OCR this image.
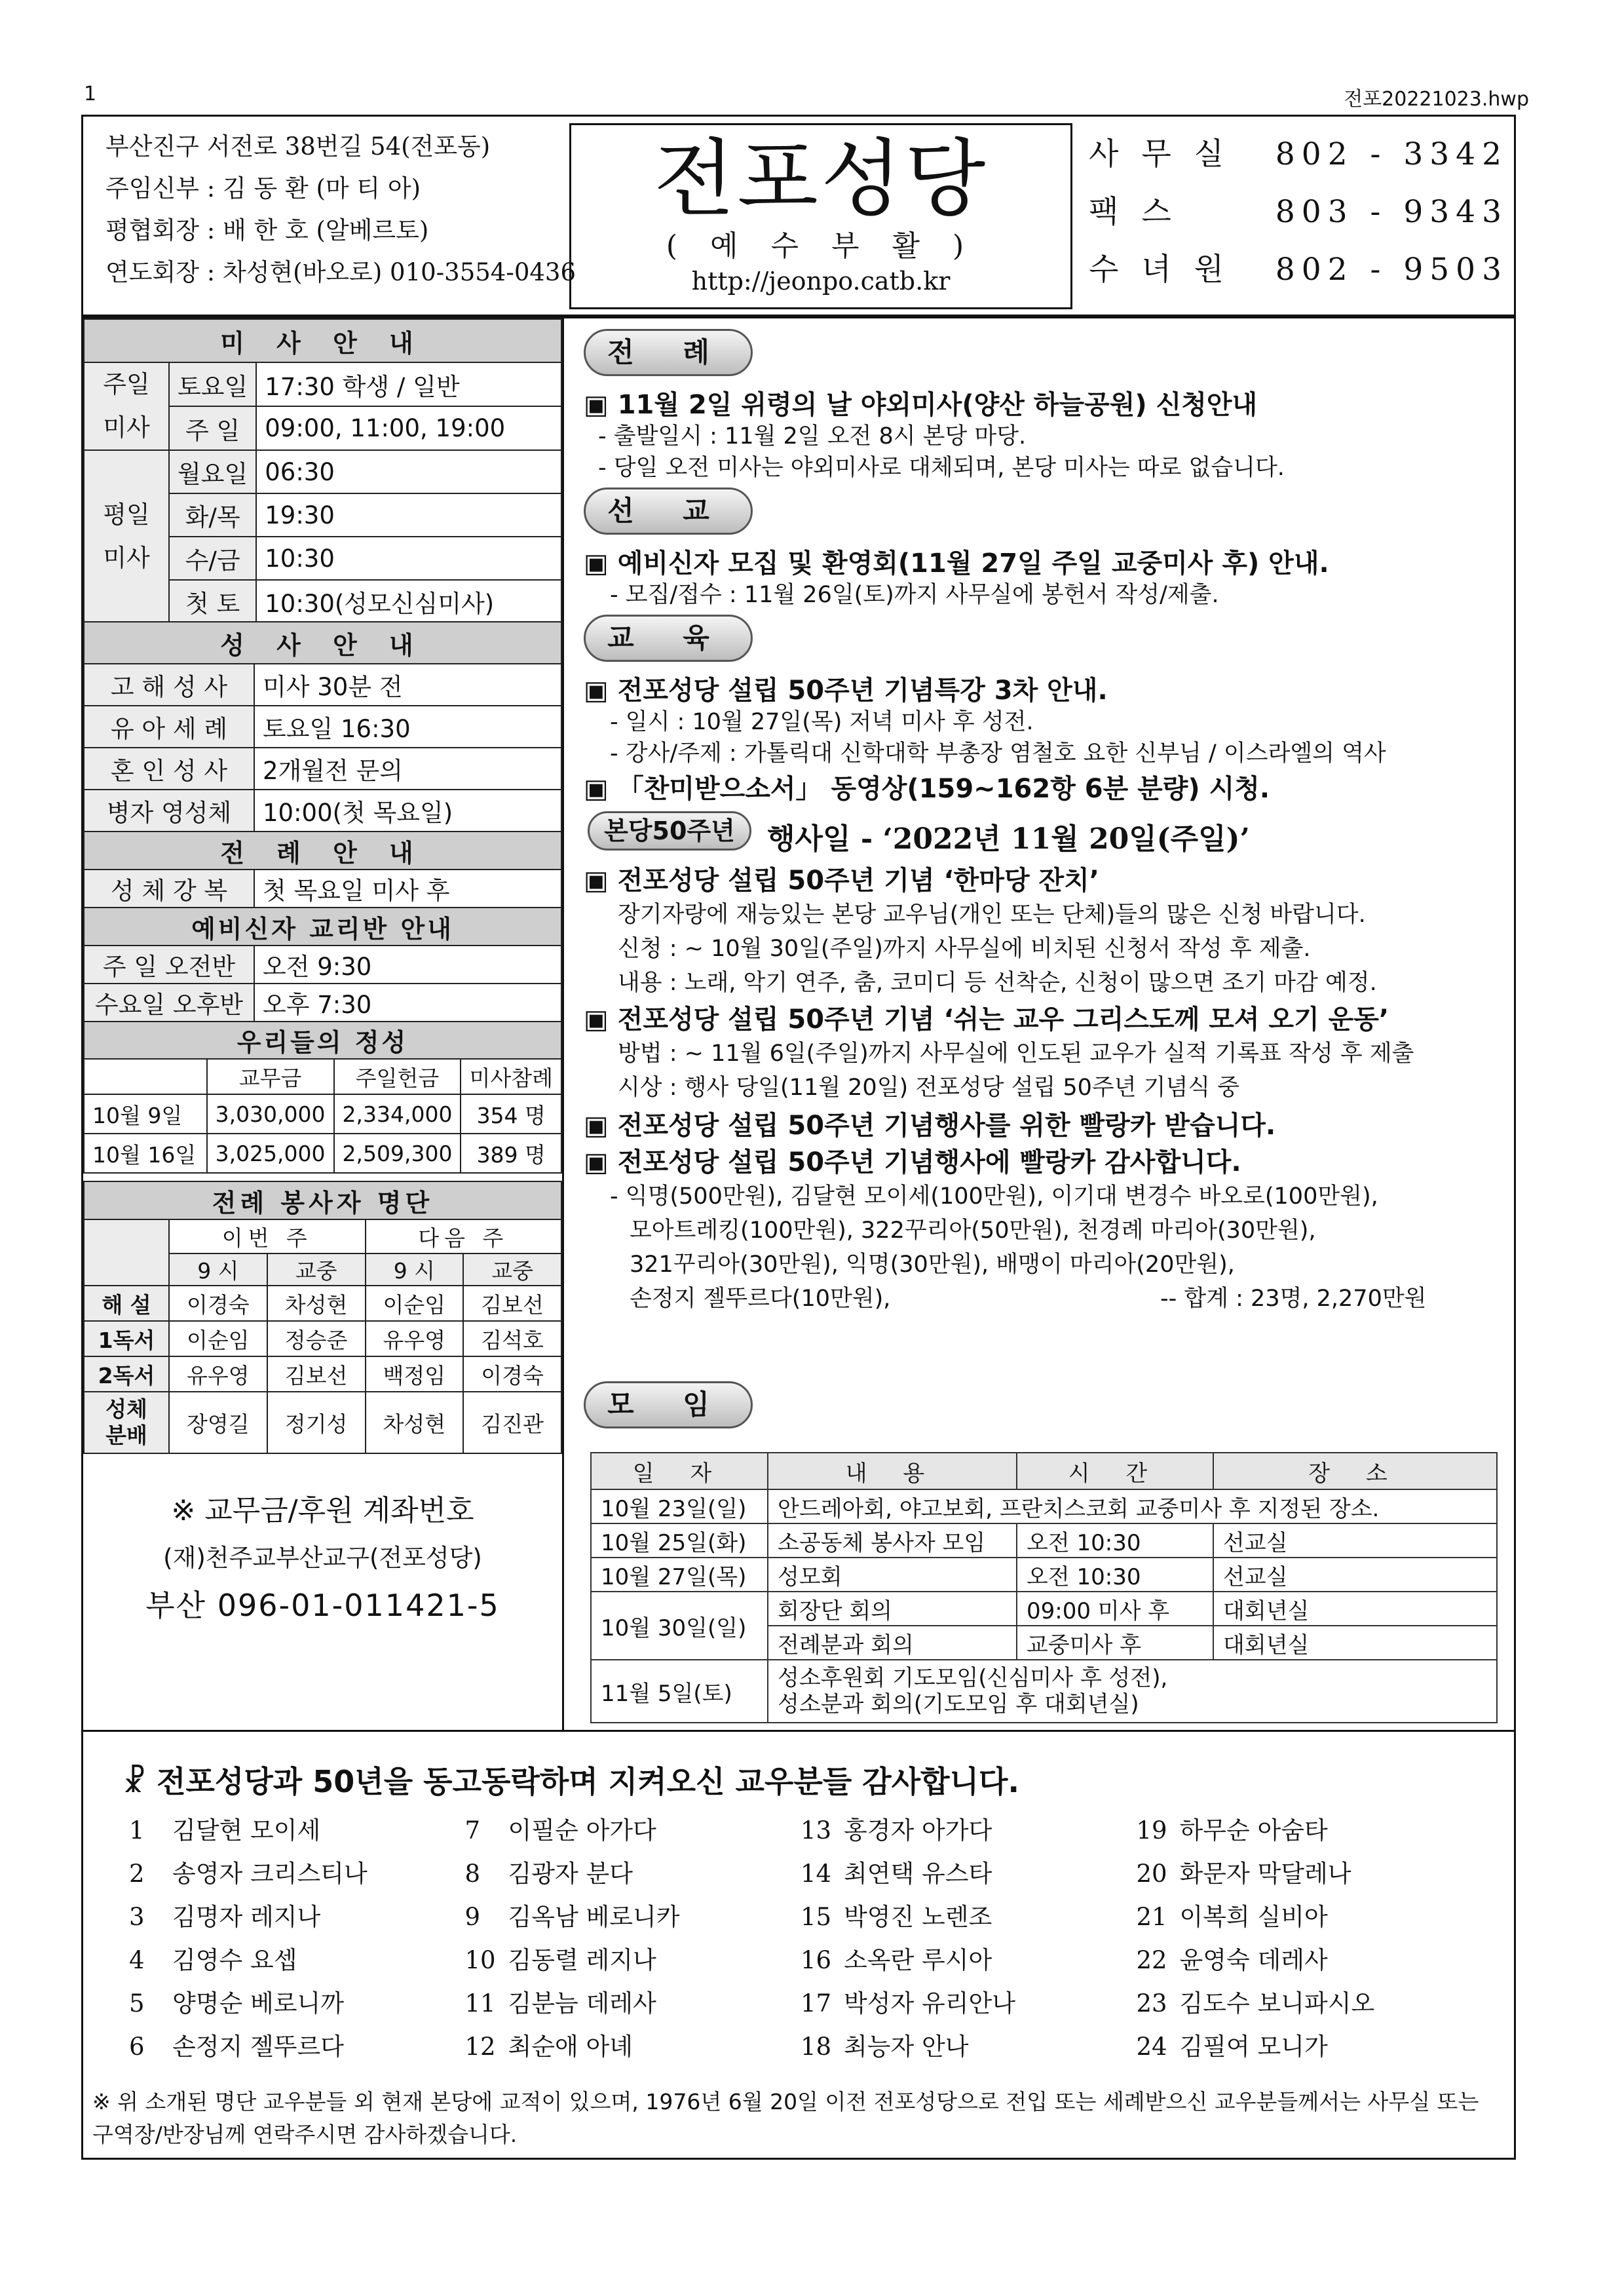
1	전포20221023.hwp
부산진구 서전로 38번길 54(전포동)
주임신부 : 김 동 환 (마 티 아)
평협회장 : 배 한 호 (알베르토)
연도회장 : 차성현(바오로) 010-3554-0436
전포성당
( 예 수 부 활 )
http://jeonpo.catb.kr
사 무 실 802 - 3342
팩 스	803 - 9343
수 녀 원 802 - 9503
미 사 안 내		
주일 미사	토요일	17:30 학생 / 일반
	주 일	09:00, 11:00, 19:00
평일 미사	월요일	06:30
	화/목	19:30
	수/금	10:30
	첫 토	10:30(성모신심미사)
성 사 안 내	
고 해 성 사	미사 30분 전
유 아 세 례	토요일 16:30
혼 인 성 사	2개월전 문의
병자 영성체	10:00(첫 목요일)
전 례 안 내
성 체 강 복	첫 목요일 미사 후
예비신자 교리반 안내	
주 일 오전반	오전 9:30
수요일 오후반	오후 7:30
우리들의 정성			
	교무금	주일헌금	미사참례
10월 9일	3,030,000	2,334,000	354 명
10월 16일	3,025,000	2,509,300	389 명
전례 봉사자 명단				
	이번 주		다음 주	
	9 시	교중	9 시	교중
해 설	이경숙	차성현	이순임	김보선
1독서	이순임	정승준	유우영	김석호
2독서	유우영	김보선	백정임	이경숙
성체 분배	장영길	정기성	차성현	김진관
※ 교무금/후원 계좌번호
(재)천주교부산교구(전포성당)
부산 096-01-011421-5
전 례
▣ 11월 2일 위령의 날 야외미사(양산 하늘공원) 신청안내
- 출발일시 : 11월 2일 오전 8시 본당 마당.
- 당일 오전 미사는 야외미사로 대체되며, 본당 미사는 따로 없습니다.
선 교
▣ 예비신자 모집 및 환영회(11월 27일 주일 교중미사 후) 안내.
- 모집/접수 : 11월 26일(토)까지 사무실에 봉헌서 작성/제출.
교 육
▣ 전포성당 설립 50주년 기념특강 3차 안내.
- 일시 : 10월 27일(목) 저녁 미사 후 성전.
- 강사/주제 : 가톨릭대 신학대학 부총장 염철호 요한 신부님 / 이스라엘의 역사
▣ 「찬미받으소서」 동영상(159~162항 6분 분량) 시청.
본당50주년	행사일 - ‘2022년 11월 20일(주일)’
▣ 전포성당 설립 50주년 기념 ‘한마당 잔치’
장기자랑에 재능있는 본당 교우님(개인 또는 단체)들의 많은 신청 바랍니다.
신청 : ~ 10월 30일(주일)까지 사무실에 비치된 신청서 작성 후 제출.
내용 : 노래, 악기 연주, 춤, 코미디 등 선착순, 신청이 많으면 조기 마감 예정.
▣ 전포성당 설립 50주년 기념 ‘쉬는 교우 그리스도께 모셔 오기 운동’
방법 : ~ 11월 6일(주일)까지 사무실에 인도된 교우가 실적 기록표 작성 후 제출
시상 : 행사 당일(11월 20일) 전포성당 설립 50주년 기념식 중
▣ 전포성당 설립 50주년 기념행사를 위한 빨랑카 받습니다.
▣ 전포성당 설립 50주년 기념행사에 빨랑카 감사합니다.
- 익명(500만원), 김달현 모이세(100만원), 이기대 변경수 바오로(100만원),
모아트레킹(100만원), 322꾸리아(50만원), 천경례 마리아(30만원),
321꾸리아(30만원), 익명(30만원), 배맹이 마리아(20만원),
손정지 젤뚜르다(10만원),	-- 합계 : 23명, 2,270만원
모 임
일 자	내 용	시 간	장 소
10월 23일(일)	안드레아회, 야고보회, 프란치스코회 교중미사 후 지정된 장소.		
10월 25일(화)	소공동체 봉사자 모임	오전 10:30	선교실
10월 27일(목)	성모회	오전 10:30	선교실
10월 30일(일)	회장단 회의	09:00 미사 후	대회년실
	전례분과 회의	교중미사 후	대회년실
11월 5일(토)	성소후원회 기도모임(신심미사 후 성전),
성소분과 회의(기도모임 후 대회년실)		
☧ 전포성당과 50년을 동고동락하며 지켜오신 교우분들 감사합니다.
1 김달현 모이세	7 이필순 아가다	13 홍경자 아가다	19 하무순 아숨타
2 송영자 크리스티나	8 김광자 분다	14 최연택 유스타	20 화문자 막달레나
3 김명자 레지나	9 김옥남 베로니카	15 박영진 노렌조	21 이복희 실비아
4 김영수 요셉	10 김동렬 레지나	16 소옥란 루시아	22 윤영숙 데레사
5 양명순 베로니까	11 김분늠 데레사	17 박성자 유리안나	23 김도수 보니파시오
6 손정지 젤뚜르다	12 최순애 아녜	18 최능자 안나	24 김필여 모니가
※ 위 소개된 명단 교우분들 외 현재 본당에 교적이 있으며, 1976년 6월 20일 이전 전포성당으로 전입 또는 세례받으신 교우분들께서는 사무실 또는 구역장/반장님께 연락주시면 감사하겠습니다.
